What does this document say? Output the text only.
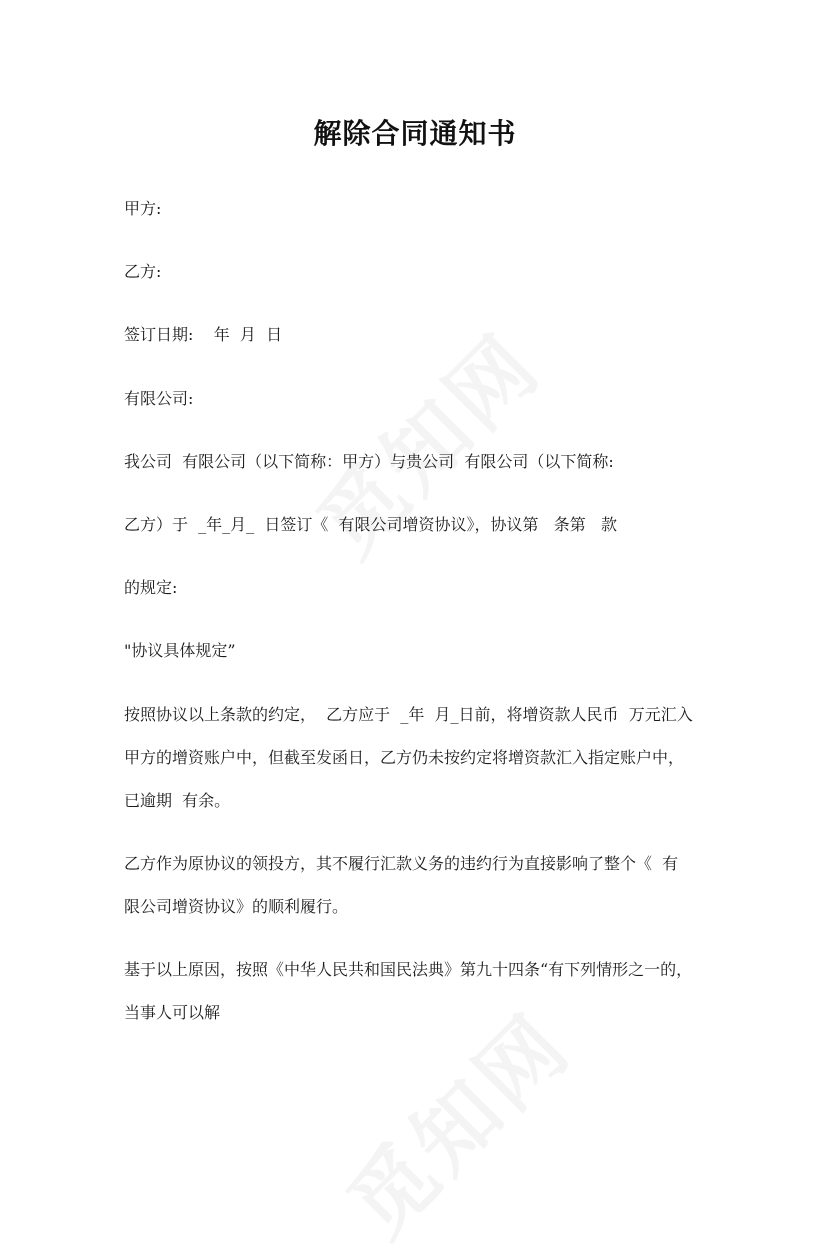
解除合同通知书
甲方:
乙方:
签订日期:    年  月  日
有限公司:
我公司  有限公司（以下简称：甲方）与贵公司  有限公司（以下简称:
乙方）于  _年_月_  日签订《  有限公司增资协议》，协议第   条第   款
的规定:
"协议具体规定”
按照协议以上条款的约定，  乙方应于  _年  月_日前，将增资款人民币  万元汇入
甲方的增资账户中，但截至发函日，乙方仍未按约定将增资款汇入指定账户中，
已逾期  有余。
乙方作为原协议的领投方，其不履行汇款义务的违约行为直接影响了整个《  有
限公司增资协议》的顺利履行。
基于以上原因，按照《中华人民共和国民法典》第九十四条“有下列情形之一的，
当事人可以解
